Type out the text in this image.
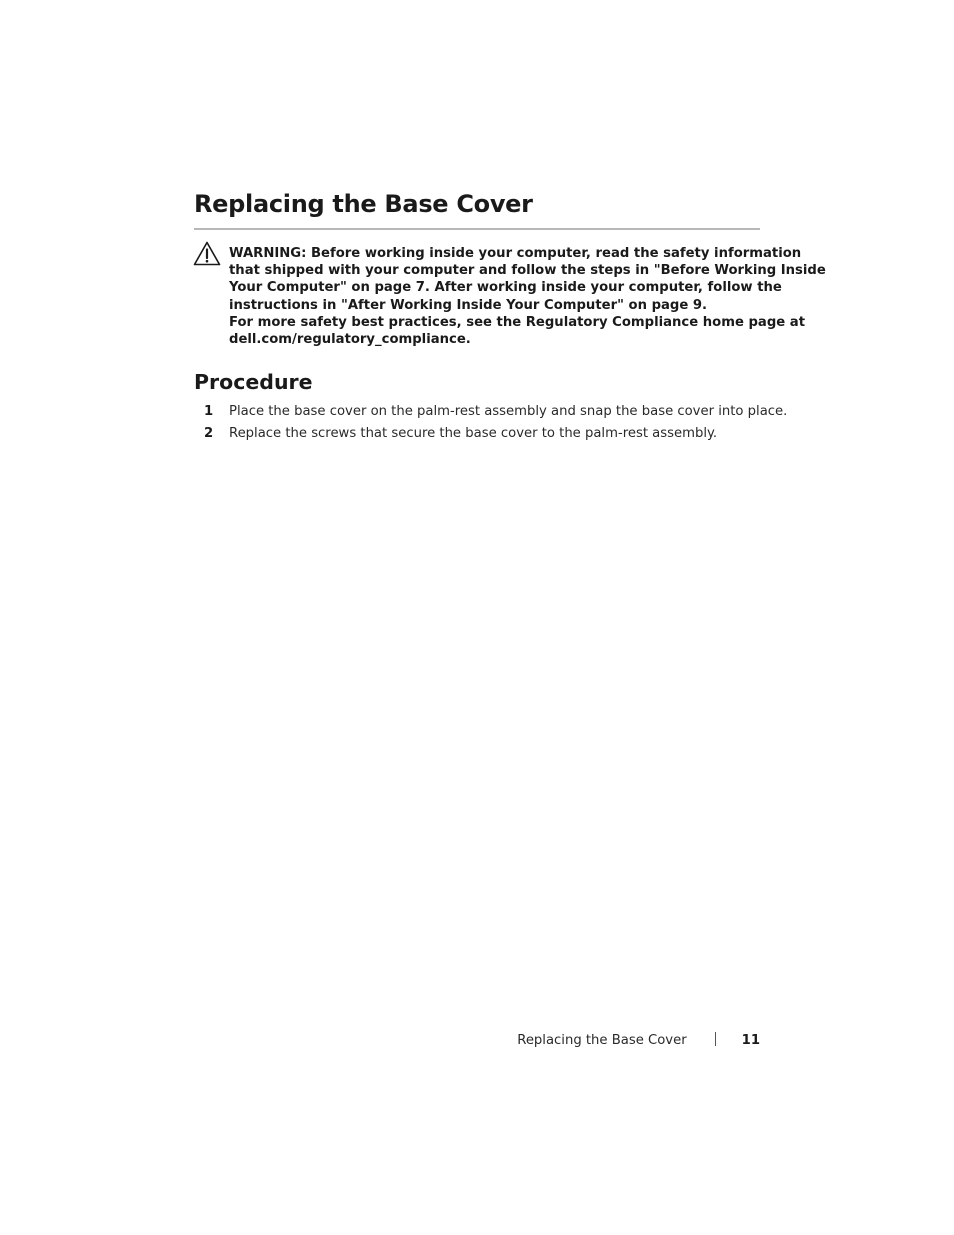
Replacing the Base Cover
WARNING: Before working inside your computer, read the safety information
that shipped with your computer and follow the steps in "Before Working Inside
Your Computer" on page 7. After working inside your computer, follow the
instructions in "After Working Inside Your Computer" on page 9.
For more safety best practices, see the Regulatory Compliance home page at
dell.com/regulatory_compliance.
Procedure
1 Place the base cover on the palm-rest assembly and snap the base cover into place.
2 Replace the screws that secure the base cover to the palm-rest assembly.
Replacing the Base Cover	11
